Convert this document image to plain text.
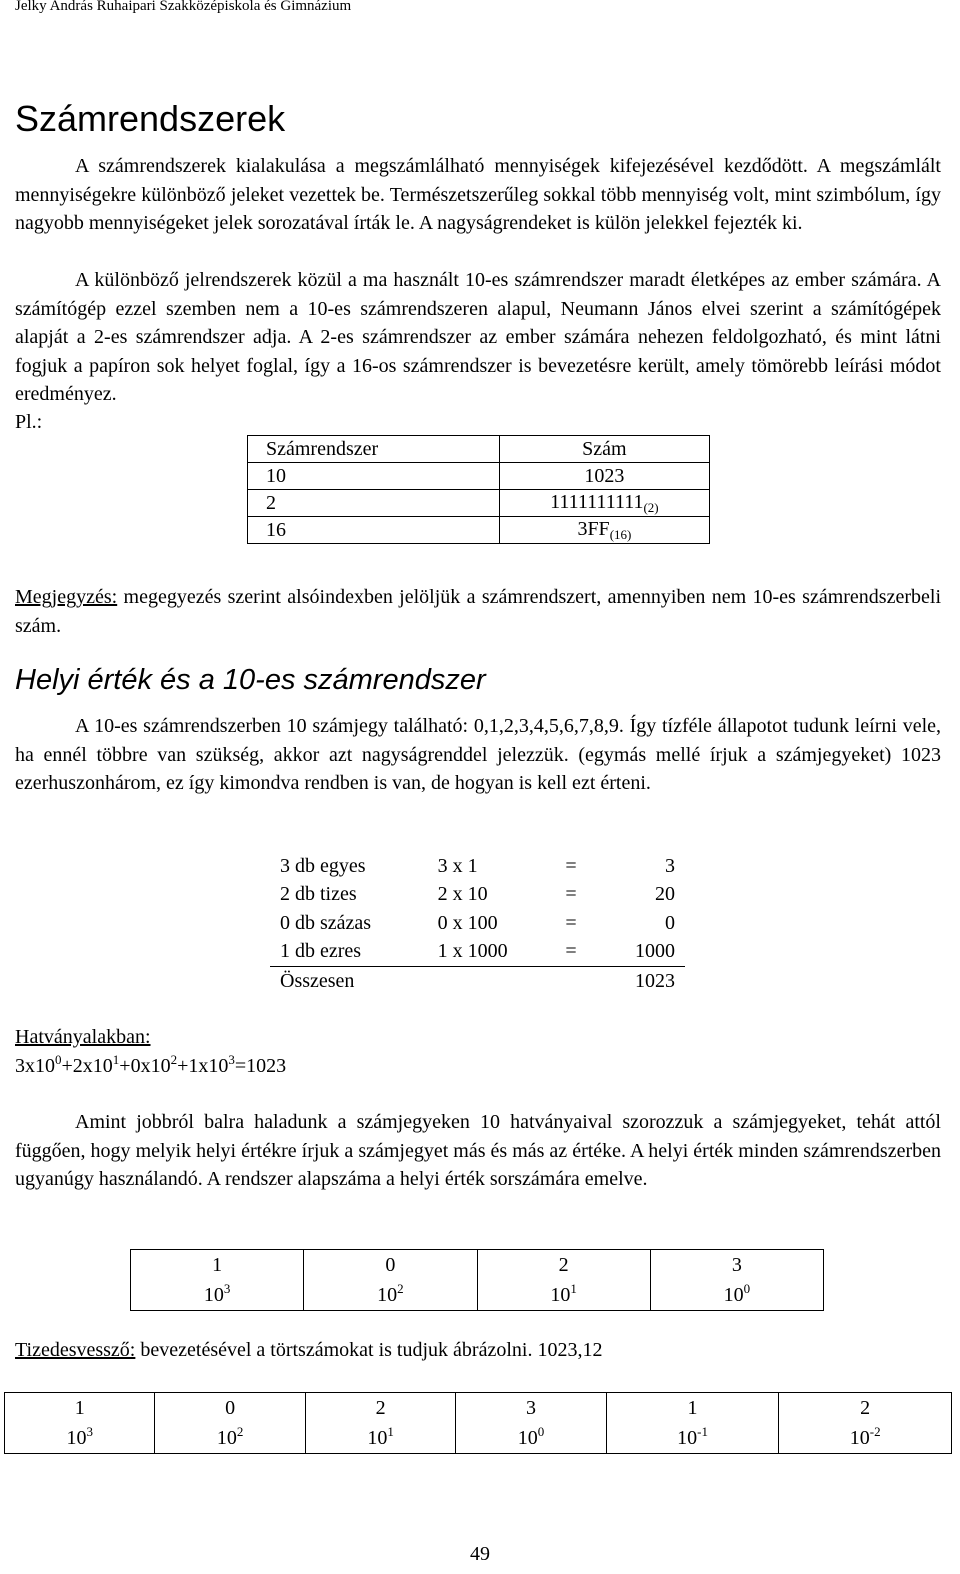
Jelky András Ruhaipari Szakközépiskola és Gimnázium
Számrendszerek
A számrendszerek kialakulása a megszámlálható mennyiségek kifejezésével kezdődött. A megszámlált mennyiségekre különböző jeleket vezettek be. Természetszerűleg sokkal több mennyiség volt, mint szimbólum, így nagyobb mennyiségeket jelek sorozatával írták le. A nagyságrendeket is külön jelekkel fejezték ki.
A különböző jelrendszerek közül a ma használt 10-es számrendszer maradt életképes az ember számára. A számítógép ezzel szemben nem a 10-es számrendszeren alapul, Neumann János elvei szerint a számítógépek alapját a 2-es számrendszer adja. A 2-es számrendszer az ember számára nehezen feldolgozható, és mint látni fogjuk a papíron sok helyet foglal, így a 16-os számrendszer is bevezetésre került, amely tömörebb leírási módot eredményez.
Pl.:
Számrendszer	Szám
10	1023
2	$1111111111_{(2)}$
16	$3FF_{(16)}$
Megjegyzés: megegyezés szerint alsóindexben jelöljük a számrendszert, amennyiben nem 10-es számrendszerbeli szám.
Helyi érték és a 10-es számrendszer
A 10-es számrendszerben 10 számjegy található: 0,1,2,3,4,5,6,7,8,9. Így tízféle állapotot tudunk leírni vele, ha ennél többre van szükség, akkor azt nagyságrenddel jelezzük. (egymás mellé írjuk a számjegyeket) 1023 ezerhuszonhárom, ez így kimondva rendben is van, de hogyan is kell ezt érteni.
3 db egyes	3 x 1	=	3
2 db tizes	2 x 10	=	20
0 db százas	0 x 100	=	0
1 db ezres	1 x 1000	=	1000
Összesen			1023
Hatványalakban:
$3x10^0+2x10^1+0x10^2+1x10^3=1023$
Amint jobbról balra haladunk a számjegyeken 10 hatványaival szorozzuk a számjegyeket, tehát attól függően, hogy melyik helyi értékre írjuk a számjegyet más és más az értéke. A helyi érték minden számrendszerben ugyanúgy használandó. A rendszer alapszáma a helyi érték sorszámára emelve.
1	0	2	3
$10^3$	$10^2$	$10^1$	$10^0$
Tizedesvessző: bevezetésével a törtszámokat is tudjuk ábrázolni. 1023,12
1	0	2	3	1	2
$10^3$	$10^2$	$10^1$	$10^0$	$10^{-1}$	$10^{-2}$
49
